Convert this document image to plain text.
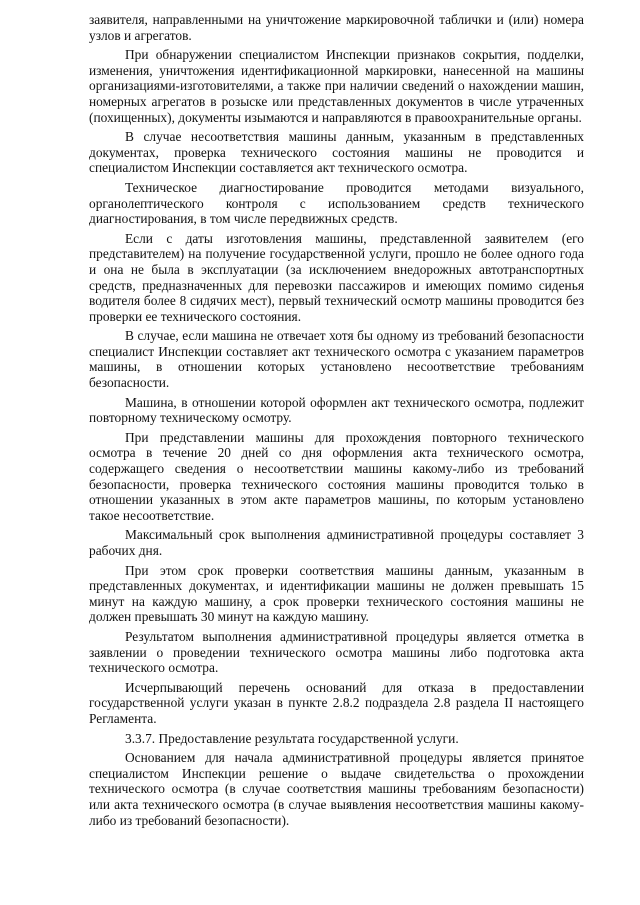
заявителя, направленными на уничтожение маркировочной таблички и (или) номера узлов и агрегатов.

При обнаружении специалистом Инспекции признаков сокрытия, подделки, изменения, уничтожения идентификационной маркировки, нанесенной на машины организациями-изготовителями, а также при наличии сведений о нахождении машин, номерных агрегатов в розыске или представленных документов в числе утраченных (похищенных), документы изымаются и направляются в правоохранительные органы.

В случае несоответствия машины данным, указанным в представленных документах, проверка технического состояния машины не проводится и специалистом Инспекции составляется акт технического осмотра.

Техническое диагностирование проводится методами визуального, органолептического контроля с использованием средств технического диагностирования, в том числе передвижных средств.

Если с даты изготовления машины, представленной заявителем (его представителем) на получение государственной услуги, прошло не более одного года и она не была в эксплуатации (за исключением внедорожных автотранспортных средств, предназначенных для перевозки пассажиров и имеющих помимо сиденья водителя более 8 сидячих мест), первый технический осмотр машины проводится без проверки ее технического состояния.

В случае, если машина не отвечает хотя бы одному из требований безопасности специалист Инспекции составляет акт технического осмотра с указанием параметров машины, в отношении которых установлено несоответствие требованиям безопасности.

Машина, в отношении которой оформлен акт технического осмотра, подлежит повторному техническому осмотру.

При представлении машины для прохождения повторного технического осмотра в течение 20 дней со дня оформления акта технического осмотра, содержащего сведения о несоответствии машины какому-либо из требований безопасности, проверка технического состояния машины проводится только в отношении указанных в этом акте параметров машины, по которым установлено такое несоответствие.

Максимальный срок выполнения административной процедуры составляет 3 рабочих дня.

При этом срок проверки соответствия машины данным, указанным в представленных документах, и идентификации машины не должен превышать 15 минут на каждую машину, а срок проверки технического состояния машины не должен превышать 30 минут на каждую машину.

Результатом выполнения административной процедуры является отметка в заявлении о проведении технического осмотра машины либо подготовка акта технического осмотра.

Исчерпывающий перечень оснований для отказа в предоставлении государственной услуги указан в пункте 2.8.2 подраздела 2.8 раздела II настоящего Регламента.

3.3.7. Предоставление результата государственной услуги.

Основанием для начала административной процедуры является принятое специалистом Инспекции решение о выдаче свидетельства о прохождении технического осмотра (в случае соответствия машины требованиям безопасности) или акта технического осмотра (в случае выявления несоответствия машины какому-либо из требований безопасности).
